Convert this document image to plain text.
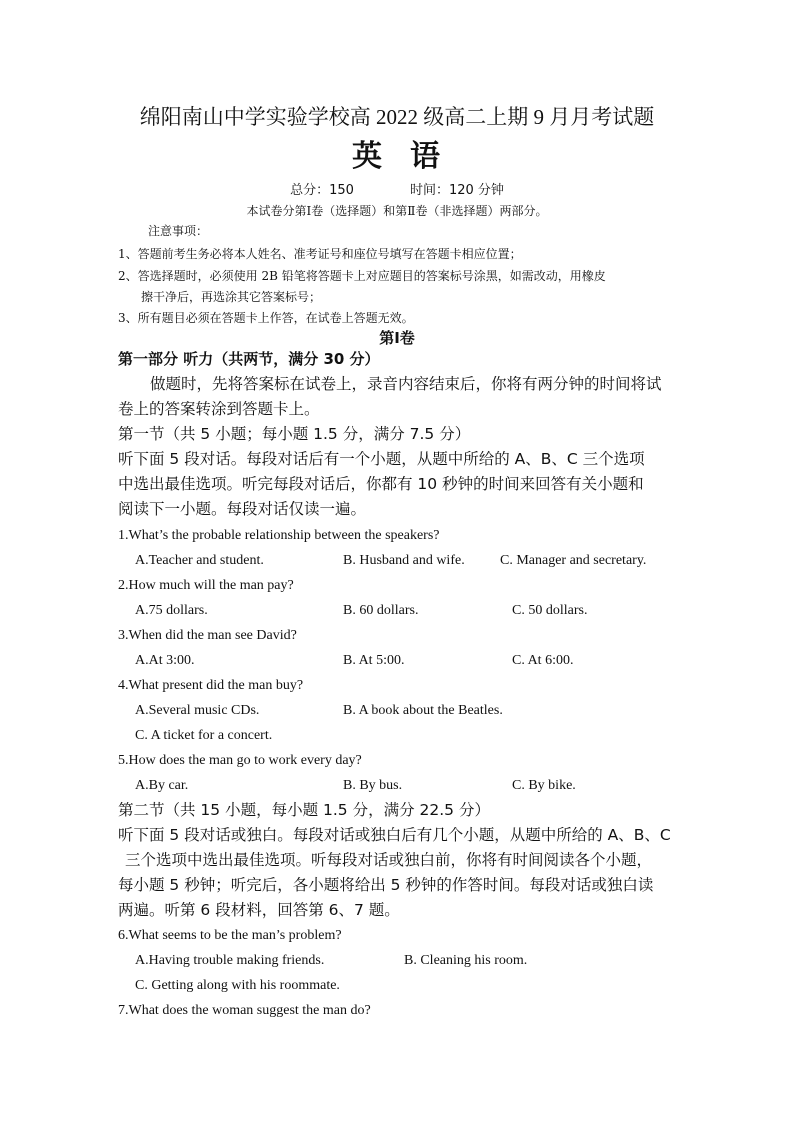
绵阳南山中学实验学校高 2022 级高二上期 9 月月考试题
英 语
总分：150	时间：120 分钟
本试卷分第Ⅰ卷（选择题）和第Ⅱ卷（非选择题）两部分。
注意事项：
1、答题前考生务必将本人姓名、准考证号和座位号填写在答题卡相应位置；
2、答选择题时，必须使用 2B 铅笔将答题卡上对应题目的答案标号涂黑，如需改动，用橡皮
擦干净后，再选涂其它答案标号；
3、所有题目必须在答题卡上作答，在试卷上答题无效。
第Ⅰ卷
第一部分 听力（共两节，满分 30 分）
做题时，先将答案标在试卷上，录音内容结束后，你将有两分钟的时间将试
卷上的答案转涂到答题卡上。
第一节（共 5 小题；每小题 1.5 分，满分 7.5 分）
听下面 5 段对话。每段对话后有一个小题，从题中所给的 A、B、C 三个选项
中选出最佳选项。听完每段对话后，你都有 10 秒钟的时间来回答有关小题和
阅读下一小题。每段对话仅读一遍。
1.What’s the probable relationship between the speakers?
A.Teacher and student.	B. Husband and wife.	C. Manager and secretary.
2.How much will the man pay?
A.75 dollars.	B. 60 dollars.	C. 50 dollars.
3.When did the man see David?
A.At 3:00.	B. At 5:00.	C. At 6:00.
4.What present did the man buy?
A.Several music CDs.	B. A book about the Beatles.
C. A ticket for a concert.
5.How does the man go to work every day?
A.By car.	B. By bus.	C. By bike.
第二节（共 15 小题，每小题 1.5 分，满分 22.5 分）
听下面 5 段对话或独白。每段对话或独白后有几个小题，从题中所给的 A、B、C
三个选项中选出最佳选项。听每段对话或独白前，你将有时间阅读各个小题，
每小题 5 秒钟；听完后，各小题将给出 5 秒钟的作答时间。每段对话或独白读
两遍。听第 6 段材料，回答第 6、7 题。
6.What seems to be the man’s problem?
A.Having trouble making friends.	B. Cleaning his room.
C. Getting along with his roommate.
7.What does the woman suggest the man do?
